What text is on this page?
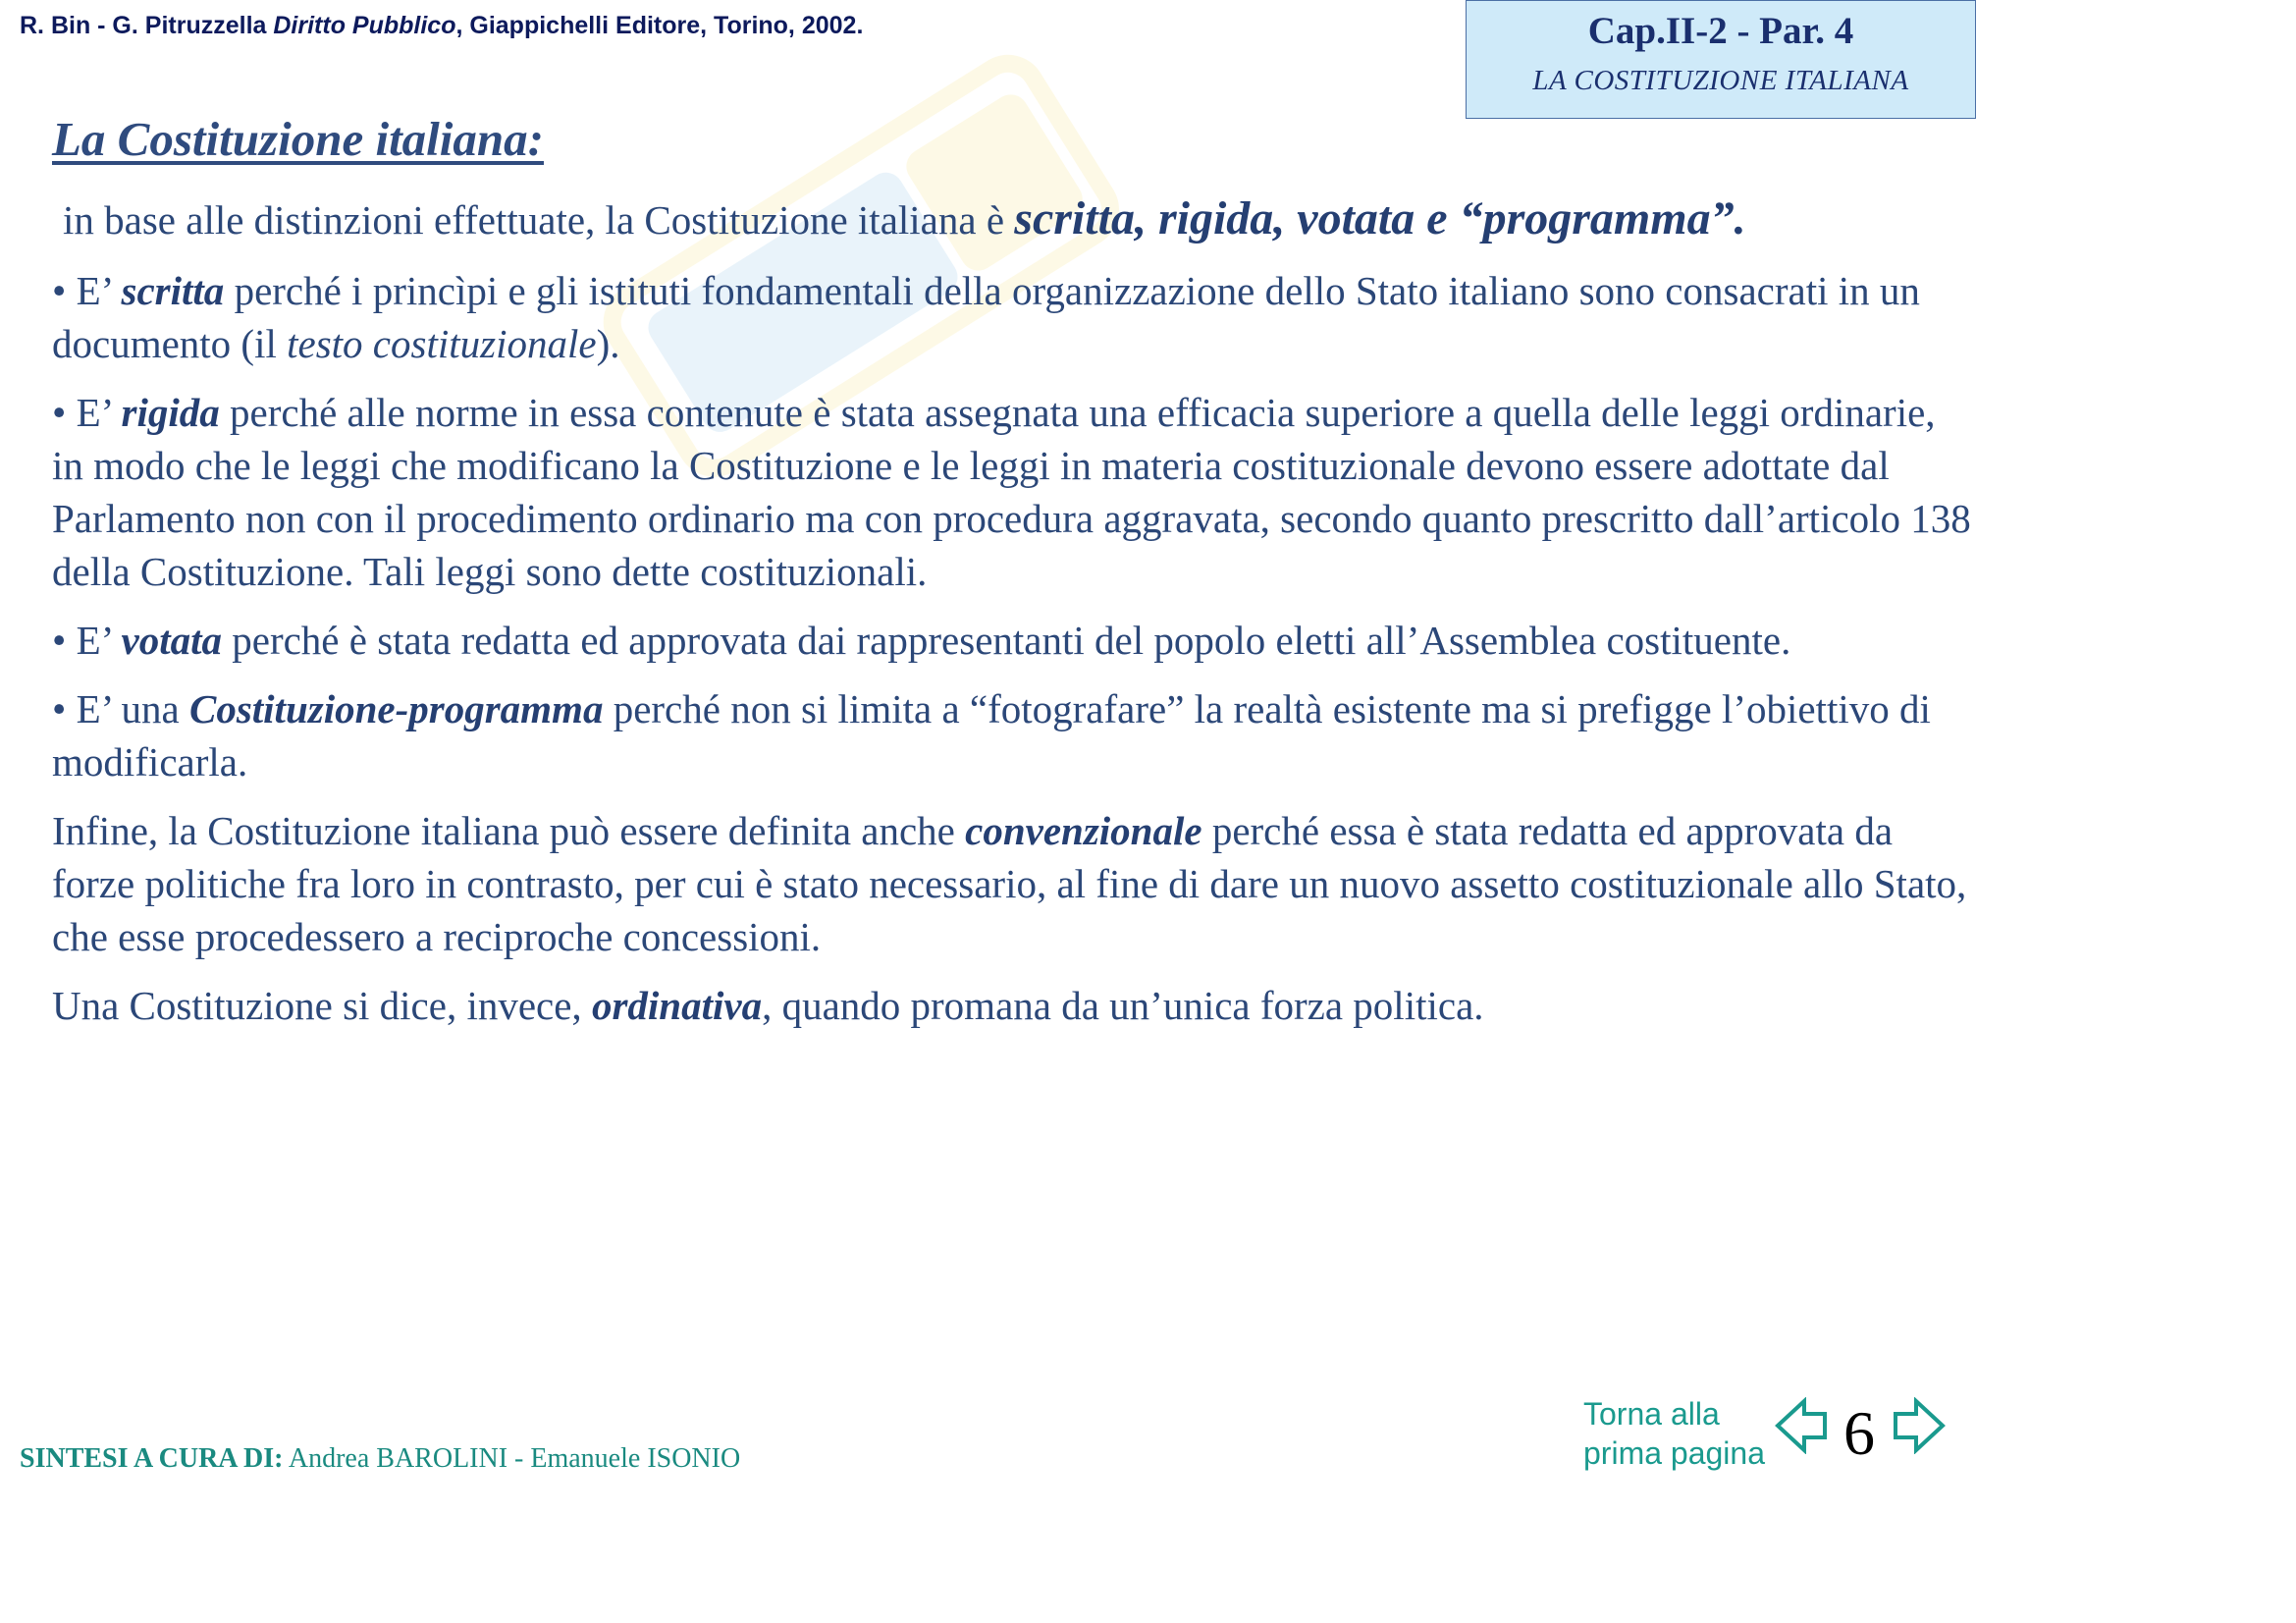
R. Bin - G. Pitruzzella Diritto Pubblico, Giappichelli Editore, Torino, 2002.	Cap.II-2 - Par. 4
LA COSTITUZIONE ITALIANA
La Costituzione italiana:

in base alle distinzioni effettuate, la Costituzione italiana è scritta, rigida, votata e “programma”.

• E’ scritta perché i princìpi e gli istituti fondamentali della organizzazione dello Stato italiano sono consacrati in un documento (il testo costituzionale).

• E’ rigida perché alle norme in essa contenute è stata assegnata una efficacia superiore a quella delle leggi ordinarie, in modo che le leggi che modificano la Costituzione e le leggi in materia costituzionale devono essere adottate dal Parlamento non con il procedimento ordinario ma con procedura aggravata, secondo quanto prescritto dall’articolo 138 della Costituzione. Tali leggi sono dette costituzionali.

• E’ votata perché è stata redatta ed approvata dai rappresentanti del popolo eletti all’Assemblea costituente.

• E’ una Costituzione-programma perché non si limita a “fotografare” la realtà esistente ma si prefigge l’obiettivo di modificarla.

Infine, la Costituzione italiana può essere definita anche convenzionale perché essa è stata redatta ed approvata da forze politiche fra loro in contrasto, per cui è stato necessario, al fine di dare un nuovo assetto costituzionale allo Stato, che esse procedessero a reciproche concessioni.

Una Costituzione si dice, invece, ordinativa, quando promana da un’unica forza politica.

SINTESI A CURA DI: Andrea BAROLINI - Emanuele ISONIO
Torna alla
prima pagina 6
